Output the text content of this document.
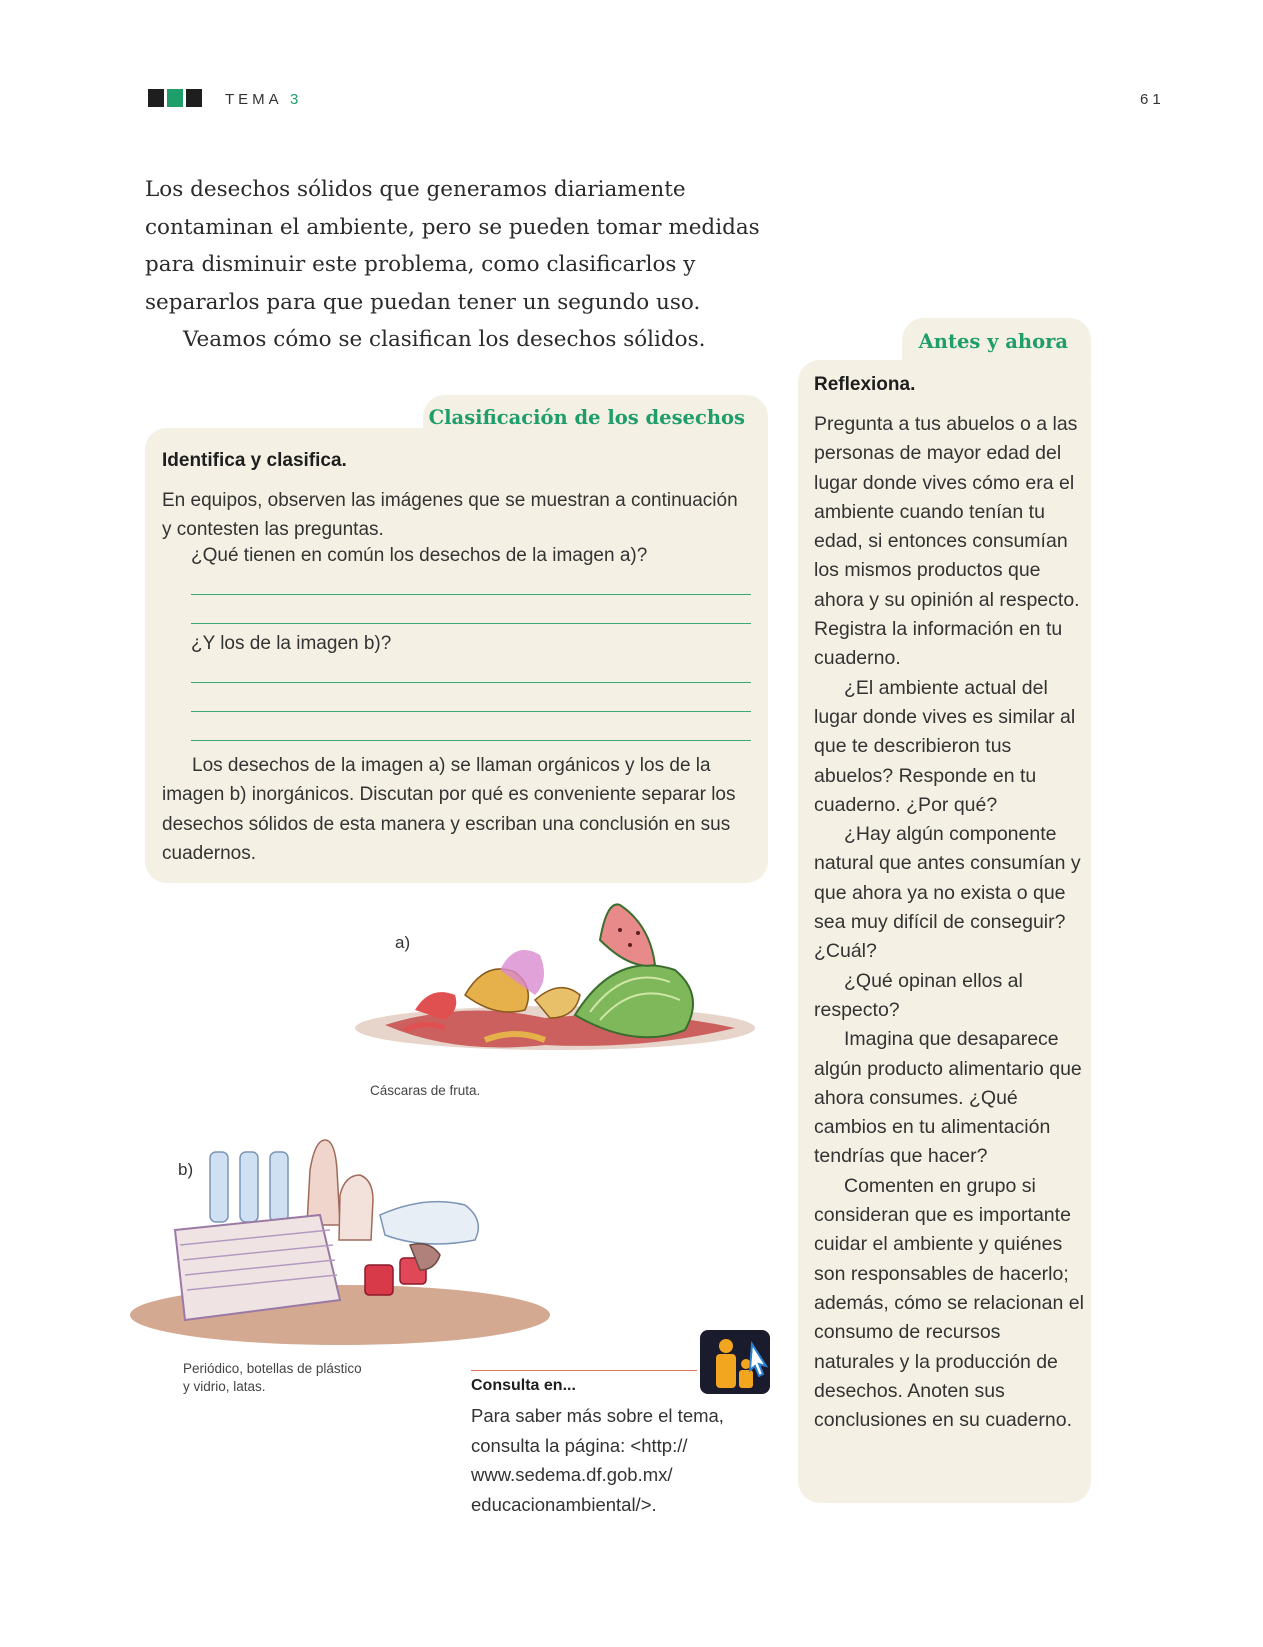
TEMA 3	61

Los desechos sólidos que generamos diariamente contaminan el ambiente, pero se pueden tomar medidas para disminuir este problema, como clasificarlos y separarlos para que puedan tener un segundo uso.

Veamos cómo se clasifican los desechos sólidos.

Clasificación de los desechos
Identifica y clasifica.

En equipos, observen las imágenes que se muestran a continuación y contesten las preguntas.

¿Qué tienen en común los desechos de la imagen a)?
¿Y los de la imagen b)?

Los desechos de la imagen a) se llaman orgánicos y los de la imagen b) inorgánicos. Discutan por qué es conveniente separar los desechos sólidos de esta manera y escriban una conclusión en sus cuadernos.

a)
Cáscaras de fruta.
b)
Periódico, botellas de plástico
y vidrio, latas.	Consulta en...
Para saber más sobre el tema, consulta la página: <http:// www.sedema.df.gob.mx/ educacionambiental/>.
Antes y ahora
Reflexiona.

Pregunta a tus abuelos o a las personas de mayor edad del lugar donde vives cómo era el ambiente cuando tenían tu edad, si entonces consumían los mismos productos que ahora y su opinión al respecto. Registra la información en tu cuaderno.

¿El ambiente actual del lugar donde vives es similar al que te describieron tus abuelos? Responde en tu cuaderno. ¿Por qué?

¿Hay algún componente natural que antes consumían y que ahora ya no exista o que sea muy difícil de conseguir? ¿Cuál?

¿Qué opinan ellos al respecto?

Imagina que desaparece algún producto alimentario que ahora consumes. ¿Qué cambios en tu alimentación tendrías que hacer?

Comenten en grupo si consideran que es importante cuidar el ambiente y quiénes son responsables de hacerlo; además, cómo se relacionan el consumo de recursos naturales y la producción de desechos. Anoten sus conclusiones en su cuaderno.
